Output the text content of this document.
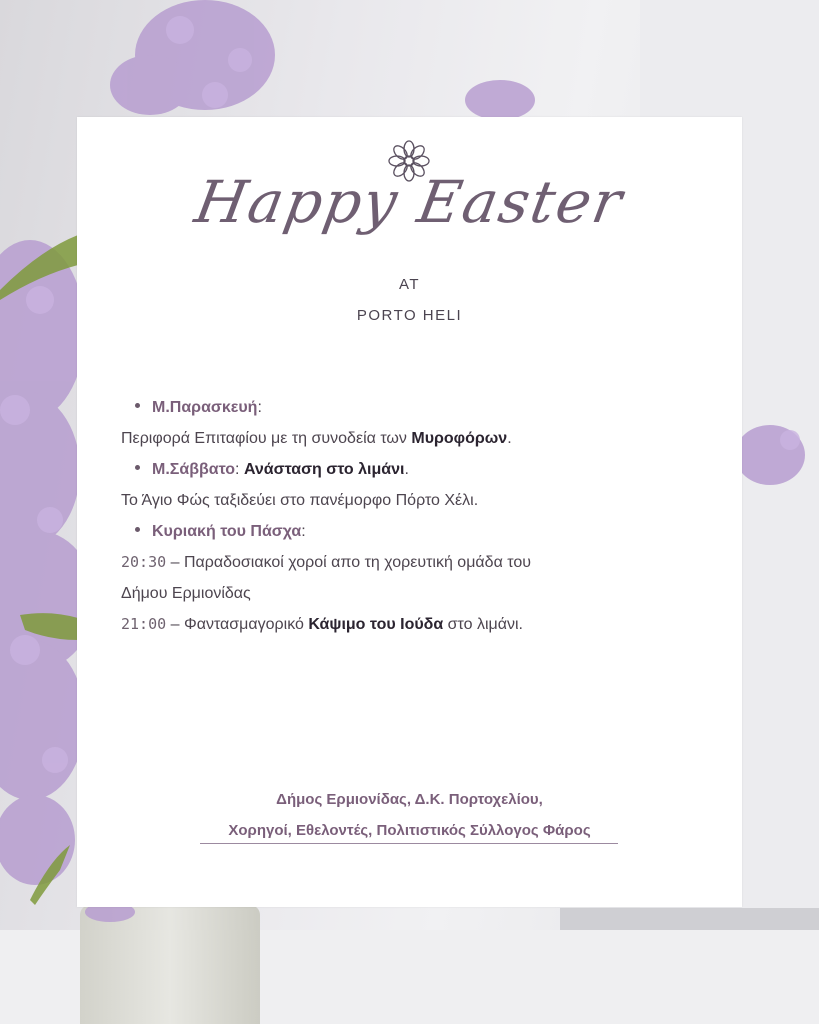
Happy Easter
AT
PORTO HELI
Μ.Παρασκευή:
Περιφορά Επιταφίου με τη συνοδεία των Μυροφόρων.
Μ.Σάββατο: Ανάσταση στο λιμάνι.
Το Άγιο Φώς ταξιδεύει στο πανέμορφο Πόρτο Χέλι.
Κυριακή του Πάσχα:
20:30 – Παραδοσιακοί χοροί απο τη χορευτική ομάδα του
Δήμου Ερμιονίδας
21:00 – Φαντασμαγορικό Κάψιμο του Ιούδα στο λιμάνι.
Δήμος Ερμιονίδας, Δ.Κ. Πορτοχελίου,
Χορηγοί, Εθελοντές, Πολιτιστικός Σύλλογος Φάρος
